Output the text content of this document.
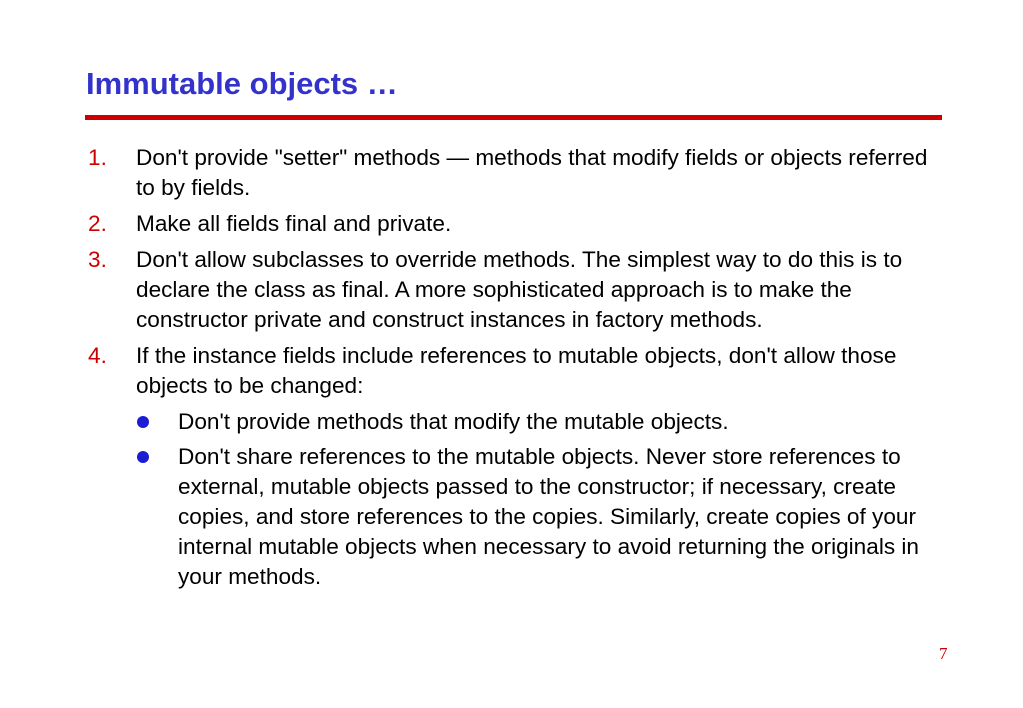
Immutable objects …
1. Don't provide "setter" methods — methods that modify fields or objects referred to by fields.
2. Make all fields final and private.
3. Don't allow subclasses to override methods. The simplest way to do this is to declare the class as final. A more sophisticated approach is to make the constructor private and construct instances in factory methods.
4. If the instance fields include references to mutable objects, don't allow those objects to be changed:
Don't provide methods that modify the mutable objects.
Don't share references to the mutable objects. Never store references to external, mutable objects passed to the constructor; if necessary, create copies, and store references to the copies. Similarly, create copies of your internal mutable objects when necessary to avoid returning the originals in your methods.
7
